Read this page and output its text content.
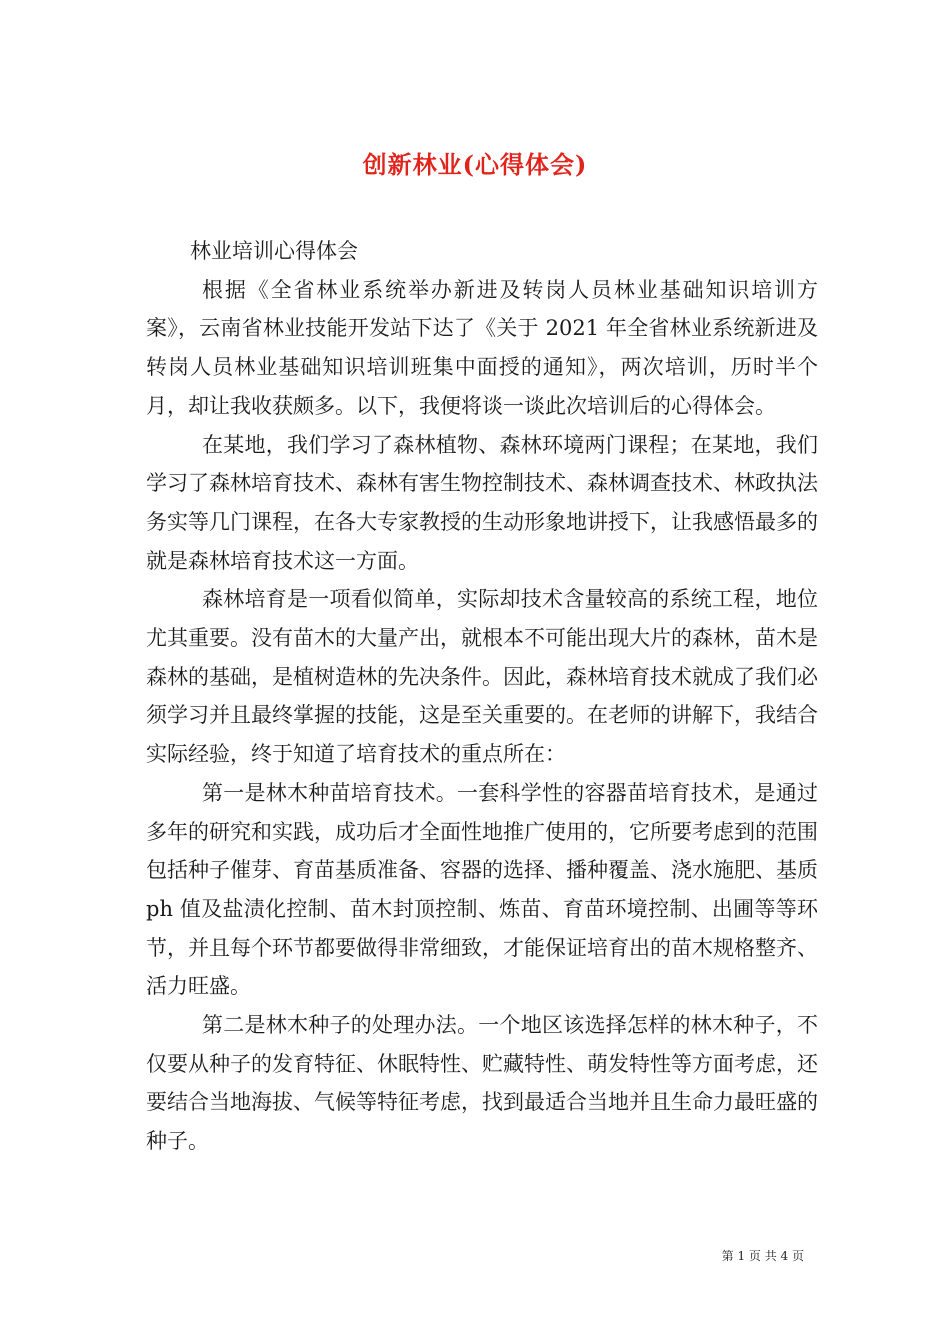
创新林业(心得体会)

林业培训心得体会

根据《全省林业系统举办新进及转岗人员林业基础知识培训方案》，云南省林业技能开发站下达了《关于 2021 年全省林业系统新进及转岗人员林业基础知识培训班集中面授的通知》，两次培训，历时半个月，却让我收获颇多。以下，我便将谈一谈此次培训后的心得体会。

在某地，我们学习了森林植物、森林环境两门课程；在某地，我们学习了森林培育技术、森林有害生物控制技术、森林调查技术、林政执法务实等几门课程，在各大专家教授的生动形象地讲授下，让我感悟最多的就是森林培育技术这一方面。

森林培育是一项看似简单，实际却技术含量较高的系统工程，地位尤其重要。没有苗木的大量产出，就根本不可能出现大片的森林，苗木是森林的基础，是植树造林的先决条件。因此，森林培育技术就成了我们必须学习并且最终掌握的技能，这是至关重要的。在老师的讲解下，我结合实际经验，终于知道了培育技术的重点所在：

第一是林木种苗培育技术。一套科学性的容器苗培育技术，是通过多年的研究和实践，成功后才全面性地推广使用的，它所要考虑到的范围包括种子催芽、育苗基质准备、容器的选择、播种覆盖、浇水施肥、基质 ph 值及盐渍化控制、苗木封顶控制、炼苗、育苗环境控制、出圃等等环节，并且每个环节都要做得非常细致，才能保证培育出的苗木规格整齐、活力旺盛。

第二是林木种子的处理办法。一个地区该选择怎样的林木种子，不仅要从种子的发育特征、休眠特性、贮藏特性、萌发特性等方面考虑，还要结合当地海拔、气候等特征考虑，找到最适合当地并且生命力最旺盛的种子。

第 1 页 共 4 页
